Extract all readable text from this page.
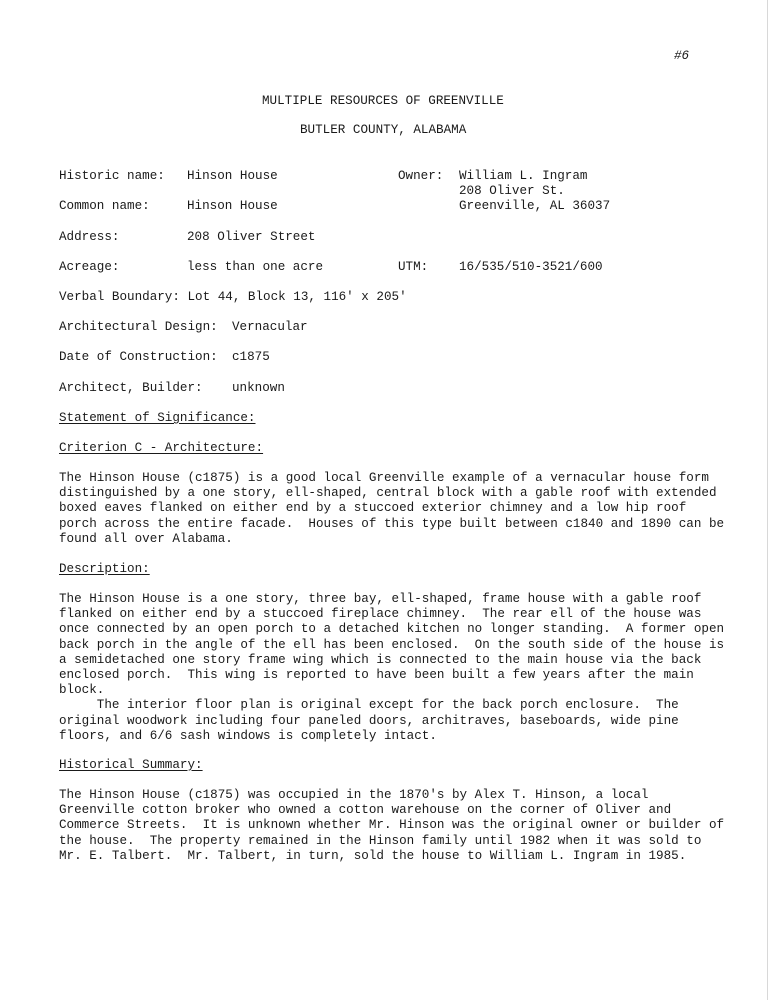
#6
MULTIPLE RESOURCES OF GREENVILLE
BUTLER COUNTY, ALABAMA
Historic name: Hinson House	Owner: William L. Ingram
208 Oliver St.
Greenville, AL 36037
Common name:	Hinson House
Address:	208 Oliver Street
Acreage:	less than one acre	UTM: 16/535/510-3521/600
Verbal Boundary: Lot 44, Block 13, 116' x 205'
Architectural Design: Vernacular
Date of Construction: c1875
Architect, Builder: unknown
Statement of Significance:
Criterion C - Architecture:
The Hinson House (c1875) is a good local Greenville example of a vernacular house form
distinguished by a one story, ell-shaped, central block with a gable roof with extended
boxed eaves flanked on either end by a stuccoed exterior chimney and a low hip roof
porch across the entire facade.  Houses of this type built between c1840 and 1890 can be
found all over Alabama.
Description:
The Hinson House is a one story, three bay, ell-shaped, frame house with a gable roof
flanked on either end by a stuccoed fireplace chimney.  The rear ell of the house was
once connected by an open porch to a detached kitchen no longer standing.  A former open
back porch in the angle of the ell has been enclosed.  On the south side of the house is
a semidetached one story frame wing which is connected to the main house via the back
enclosed porch.  This wing is reported to have been built a few years after the main
block.
The interior floor plan is original except for the back porch enclosure.  The
original woodwork including four paneled doors, architraves, baseboards, wide pine
floors, and 6/6 sash windows is completely intact.
Historical Summary:
The Hinson House (c1875) was occupied in the 1870's by Alex T. Hinson, a local
Greenville cotton broker who owned a cotton warehouse on the corner of Oliver and
Commerce Streets.  It is unknown whether Mr. Hinson was the original owner or builder of
the house.  The property remained in the Hinson family until 1982 when it was sold to
Mr. E. Talbert.  Mr. Talbert, in turn, sold the house to William L. Ingram in 1985.
